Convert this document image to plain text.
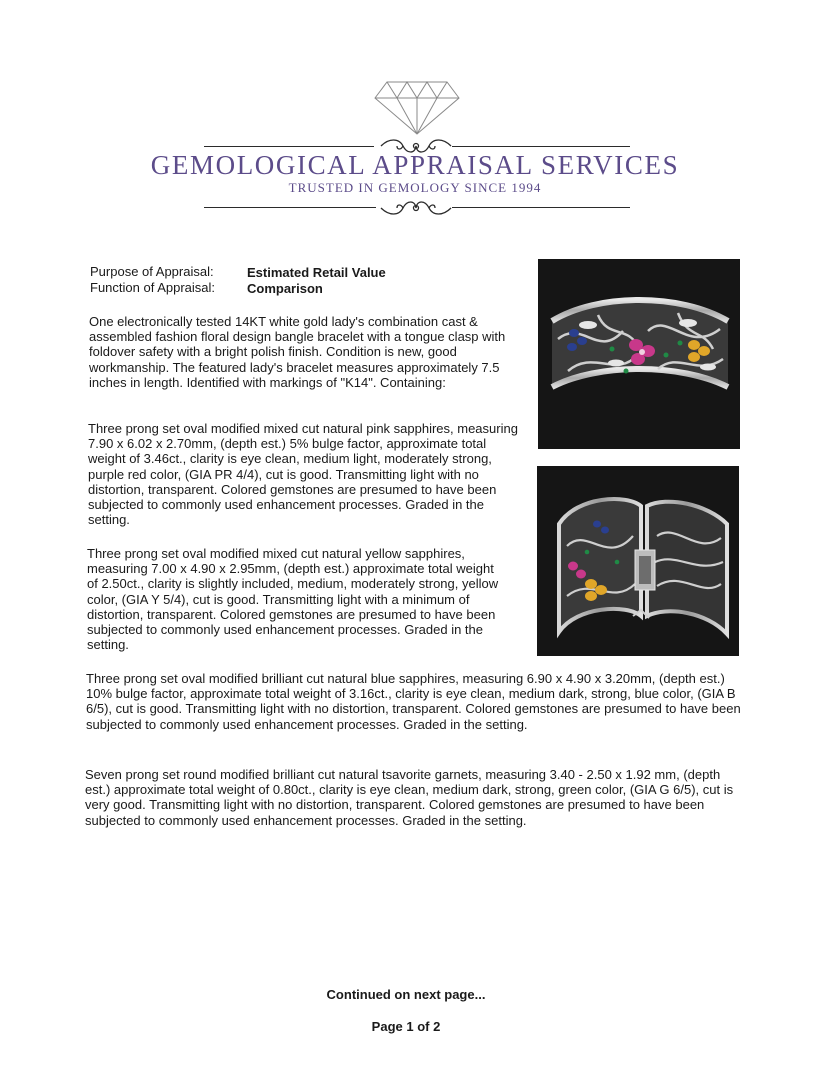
GEMOLOGICAL APPRAISAL SERVICES
TRUSTED IN GEMOLOGY SINCE 1994
Purpose of Appraisal:	Estimated Retail Value
Function of Appraisal: Comparison

One electronically tested 14KT white gold lady's combination cast & assembled fashion floral design bangle bracelet with a tongue clasp with foldover safety with a bright polish finish. Condition is new, good workmanship. The featured lady's bracelet measures approximately 7.5 inches in length. Identified with markings of "K14". Containing:

Three prong set oval modified mixed cut natural pink sapphires, measuring 7.90 x 6.02 x 2.70mm, (depth est.) 5% bulge factor, approximate total weight of 3.46ct., clarity is eye clean, medium light, moderately strong, purple red color, (GIA PR 4/4), cut is good. Transmitting light with no distortion, transparent. Colored gemstones are presumed to have been subjected to commonly used enhancement processes. Graded in the setting.

Three prong set oval modified mixed cut natural yellow sapphires, measuring 7.00 x 4.90 x 2.95mm, (depth est.) approximate total weight of 2.50ct., clarity is slightly included, medium, moderately strong, yellow color, (GIA Y 5/4), cut is good. Transmitting light with a minimum of distortion, transparent. Colored gemstones are presumed to have been subjected to commonly used enhancement processes. Graded in the setting.

Three prong set oval modified brilliant cut natural blue sapphires, measuring 6.90 x 4.90 x 3.20mm, (depth est.) 10% bulge factor, approximate total weight of 3.16ct., clarity is eye clean, medium dark, strong, blue color, (GIA B 6/5), cut is good. Transmitting light with no distortion, transparent. Colored gemstones are presumed to have been subjected to commonly used enhancement processes. Graded in the setting.

Seven prong set round modified brilliant cut natural tsavorite garnets, measuring 3.40 - 2.50 x 1.92 mm, (depth est.) approximate total weight of 0.80ct., clarity is eye clean, medium dark, strong, green color, (GIA G 6/5), cut is very good. Transmitting light with no distortion, transparent. Colored gemstones are presumed to have been subjected to commonly used enhancement processes. Graded in the setting.

Continued on next page...
Page 1 of 2
